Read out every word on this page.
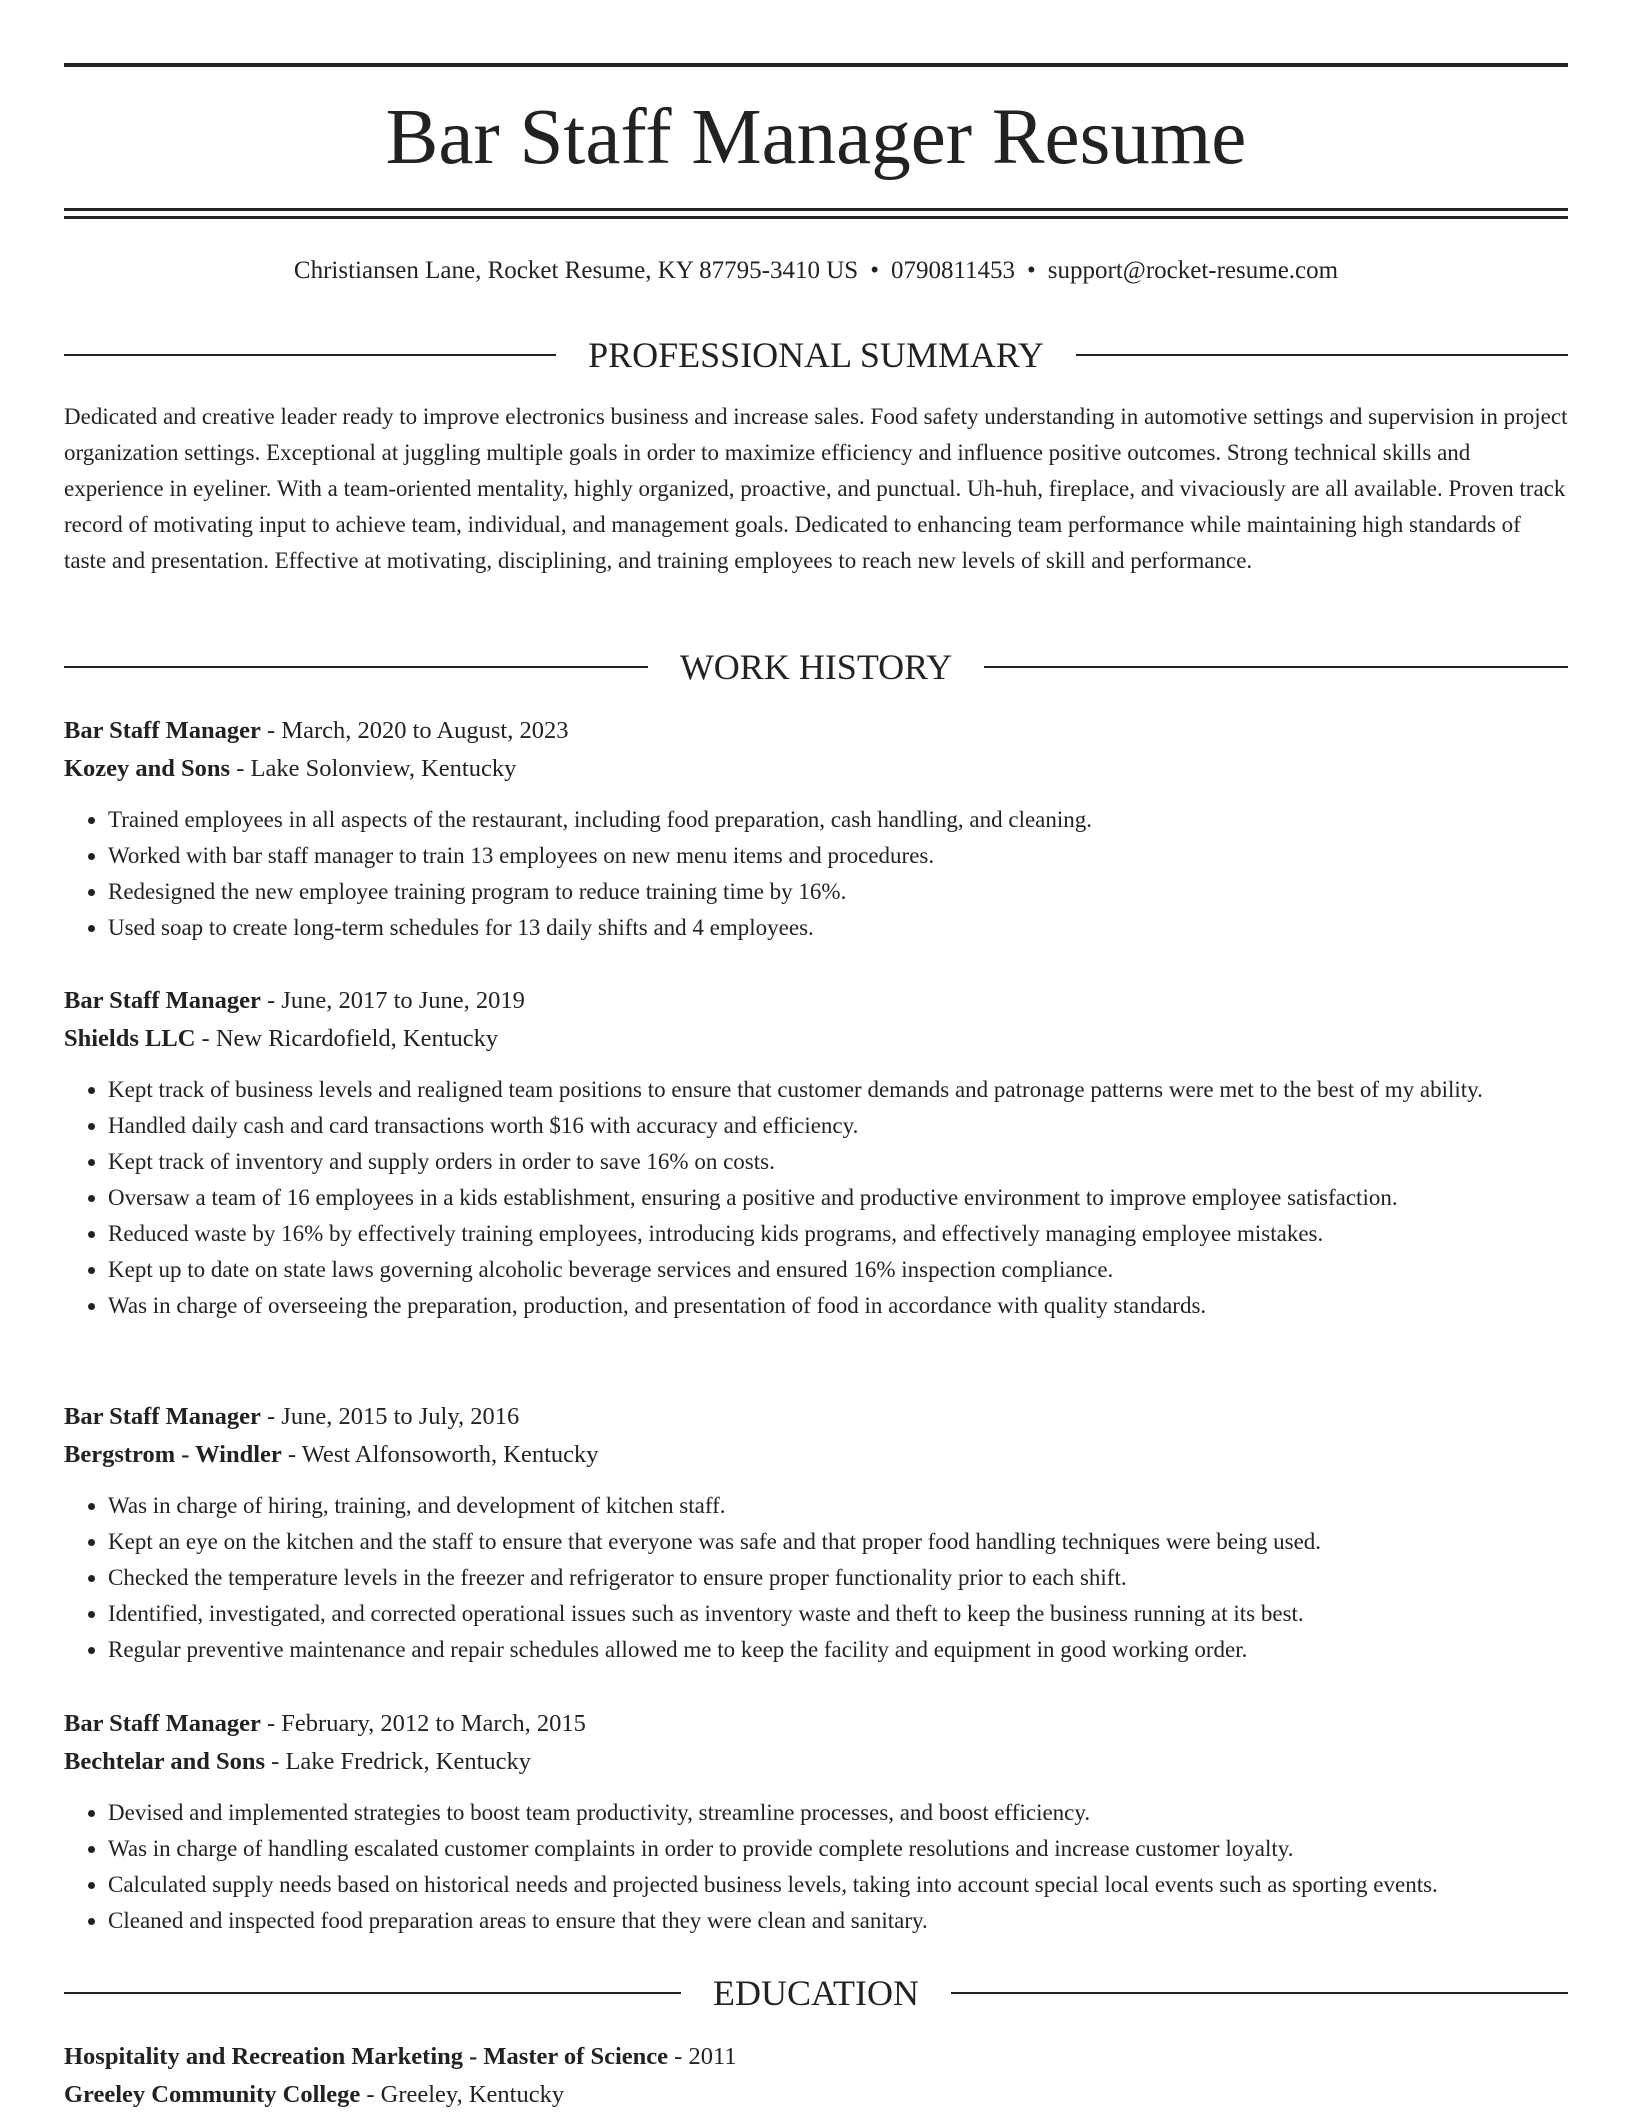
Bar Staff Manager Resume
Christiansen Lane, Rocket Resume, KY 87795-3410 US • 0790811453 • support@rocket-resume.com
PROFESSIONAL SUMMARY

Dedicated and creative leader ready to improve electronics business and increase sales. Food safety understanding in automotive settings and supervision in project organization settings. Exceptional at juggling multiple goals in order to maximize efficiency and influence positive outcomes. Strong technical skills and experience in eyeliner. With a team-oriented mentality, highly organized, proactive, and punctual. Uh-huh, fireplace, and vivaciously are all available. Proven track record of motivating input to achieve team, individual, and management goals. Dedicated to enhancing team performance while maintaining high standards of taste and presentation. Effective at motivating, disciplining, and training employees to reach new levels of skill and performance.

WORK HISTORY
Bar Staff Manager - March, 2020 to August, 2023
Kozey and Sons - Lake Solonview, Kentucky
• Trained employees in all aspects of the restaurant, including food preparation, cash handling, and cleaning.
• Worked with bar staff manager to train 13 employees on new menu items and procedures.
• Redesigned the new employee training program to reduce training time by 16%.
• Used soap to create long-term schedules for 13 daily shifts and 4 employees.
Bar Staff Manager - June, 2017 to June, 2019
Shields LLC - New Ricardofield, Kentucky
• Kept track of business levels and realigned team positions to ensure that customer demands and patronage patterns were met to the best of my ability.
• Handled daily cash and card transactions worth $16 with accuracy and efficiency.
• Kept track of inventory and supply orders in order to save 16% on costs.
• Oversaw a team of 16 employees in a kids establishment, ensuring a positive and productive environment to improve employee satisfaction.
• Reduced waste by 16% by effectively training employees, introducing kids programs, and effectively managing employee mistakes.
• Kept up to date on state laws governing alcoholic beverage services and ensured 16% inspection compliance.
• Was in charge of overseeing the preparation, production, and presentation of food in accordance with quality standards.
Bar Staff Manager - June, 2015 to July, 2016
Bergstrom - Windler - West Alfonsoworth, Kentucky
• Was in charge of hiring, training, and development of kitchen staff.
• Kept an eye on the kitchen and the staff to ensure that everyone was safe and that proper food handling techniques were being used.
• Checked the temperature levels in the freezer and refrigerator to ensure proper functionality prior to each shift.
• Identified, investigated, and corrected operational issues such as inventory waste and theft to keep the business running at its best.
• Regular preventive maintenance and repair schedules allowed me to keep the facility and equipment in good working order.
Bar Staff Manager - February, 2012 to March, 2015
Bechtelar and Sons - Lake Fredrick, Kentucky
• Devised and implemented strategies to boost team productivity, streamline processes, and boost efficiency.
• Was in charge of handling escalated customer complaints in order to provide complete resolutions and increase customer loyalty.
• Calculated supply needs based on historical needs and projected business levels, taking into account special local events such as sporting events.
• Cleaned and inspected food preparation areas to ensure that they were clean and sanitary.
EDUCATION
Hospitality and Recreation Marketing - Master of Science - 2011
Greeley Community College - Greeley, Kentucky
